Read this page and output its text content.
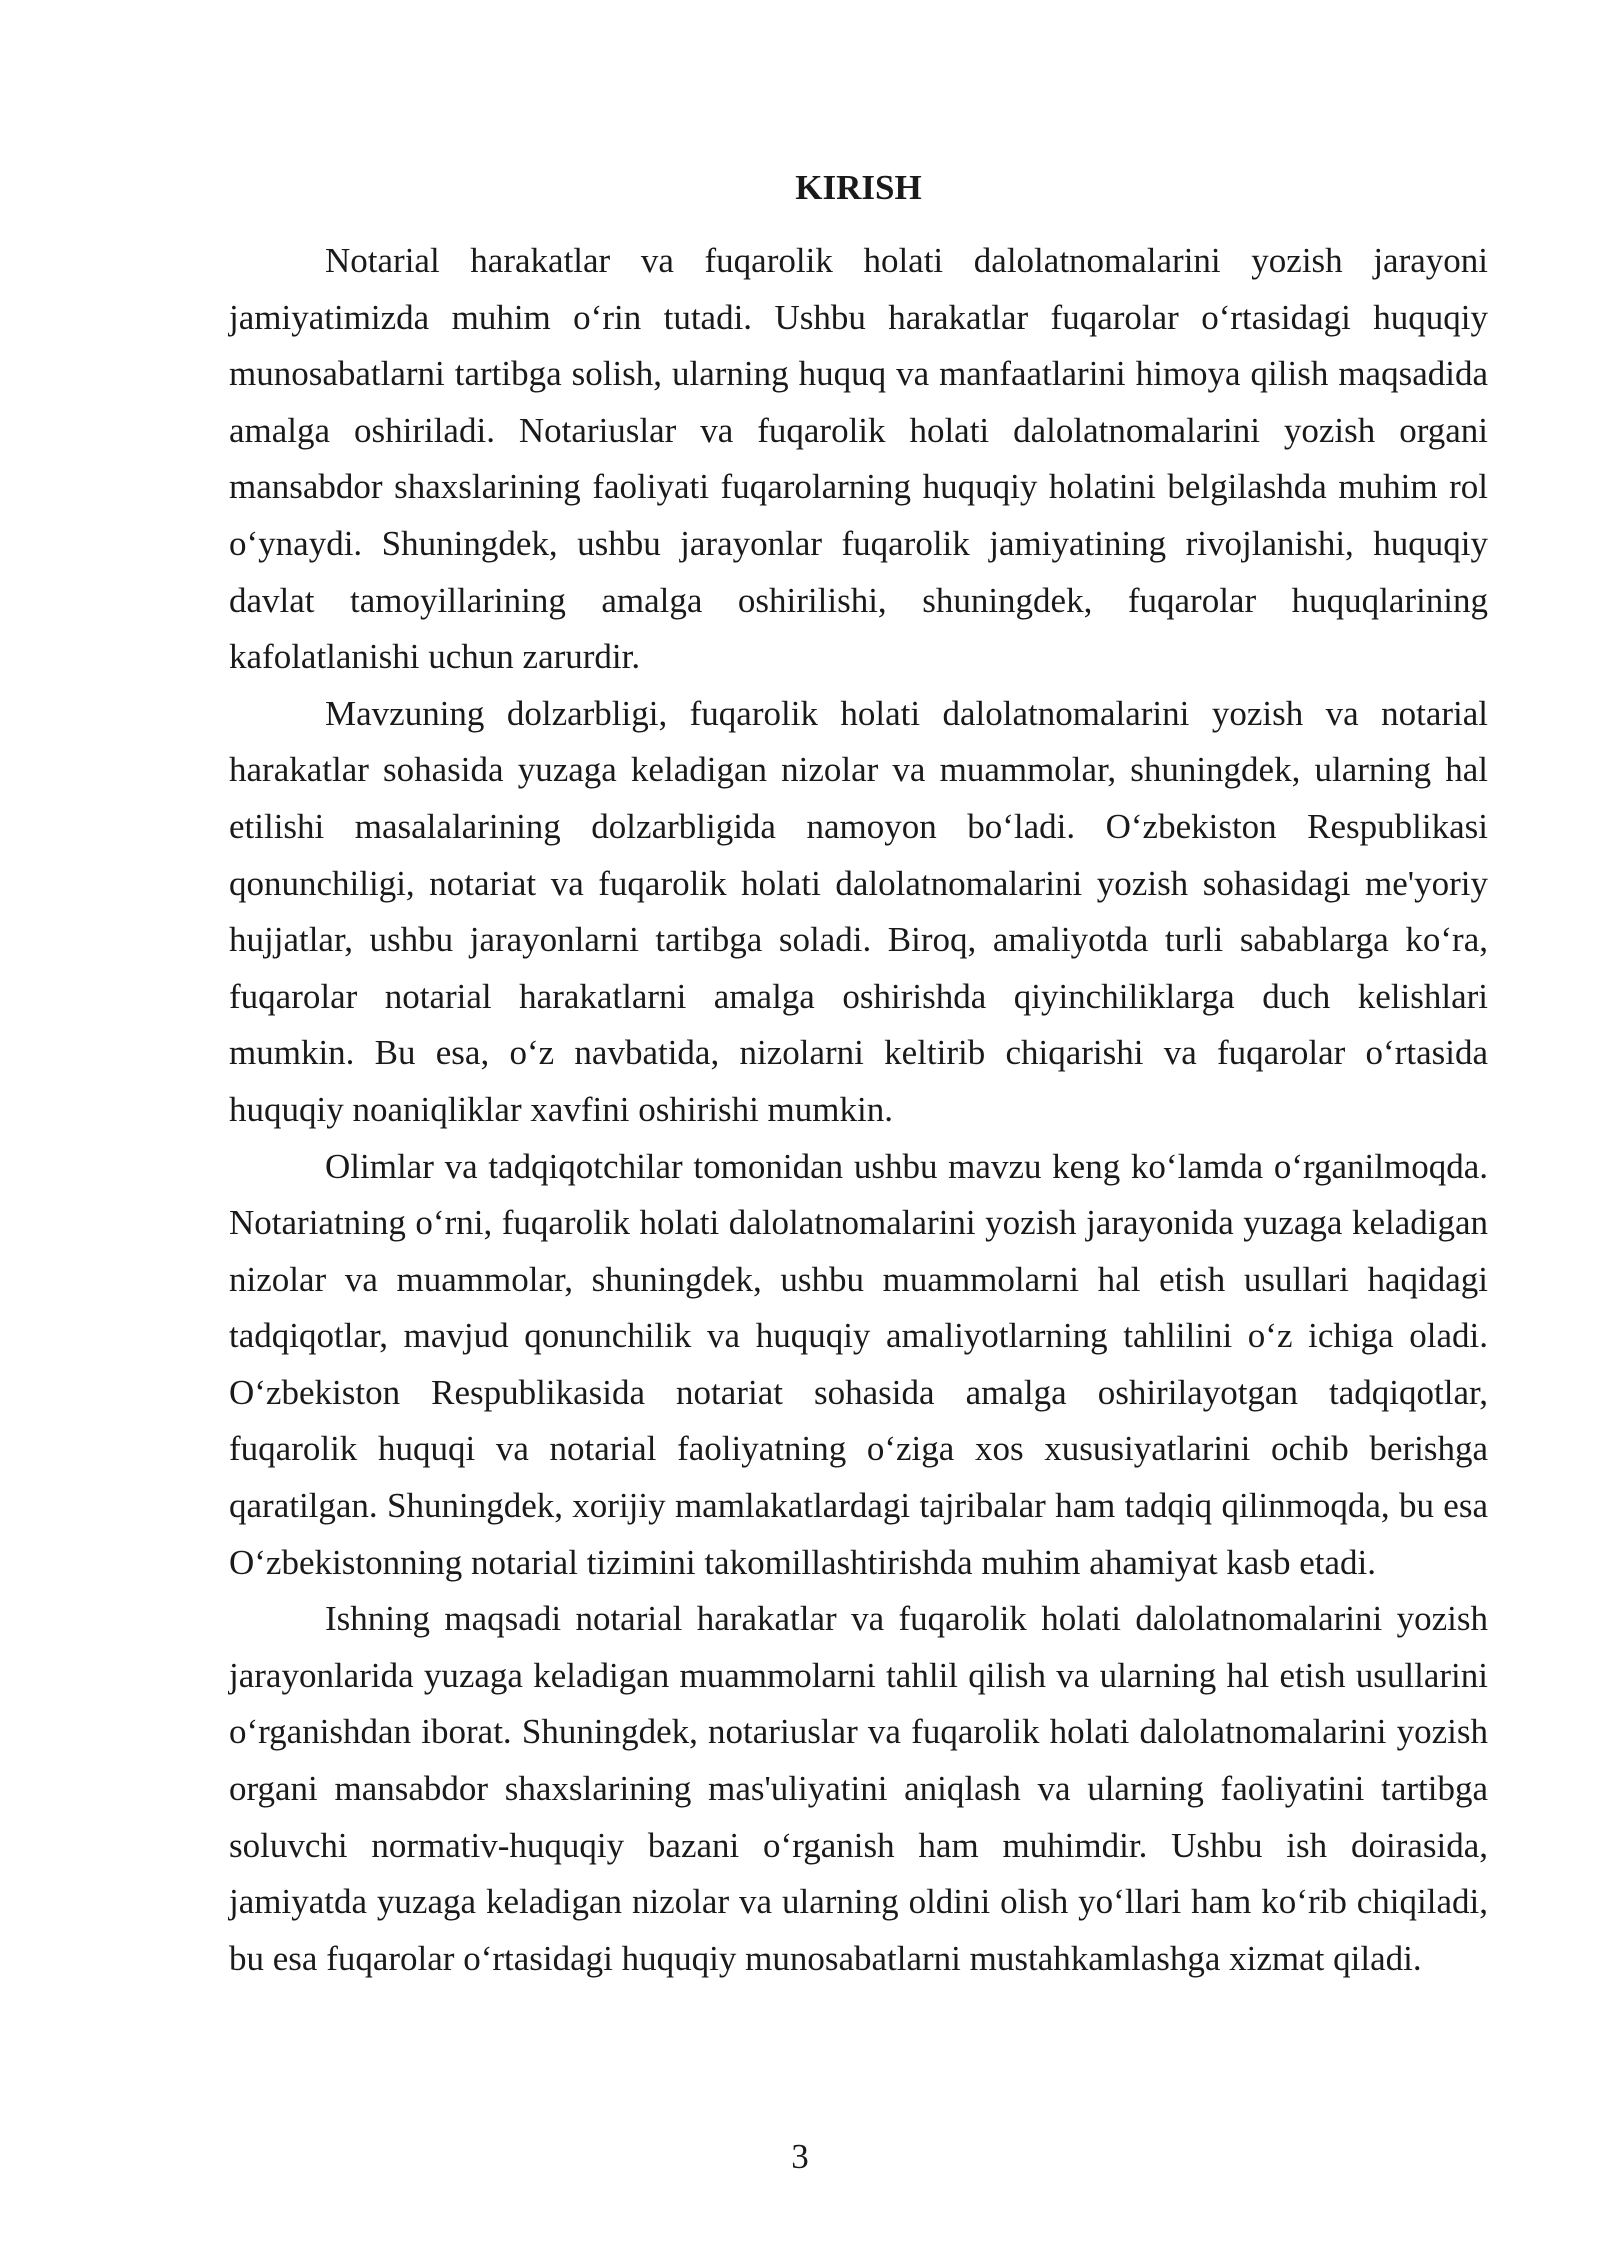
KIRISH

Notarial harakatlar va fuqarolik holati dalolatnomalarini yozish jarayoni jamiyatimizda muhim o‘rin tutadi. Ushbu harakatlar fuqarolar o‘rtasidagi huquqiy munosabatlarni tartibga solish, ularning huquq va manfaatlarini himoya qilish maqsadida amalga oshiriladi. Notariuslar va fuqarolik holati dalolatnomalarini yozish organi mansabdor shaxslarining faoliyati fuqarolarning huquqiy holatini belgilashda muhim rol o‘ynaydi. Shuningdek, ushbu jarayonlar fuqarolik jamiyatining rivojlanishi, huquqiy davlat tamoyillarining amalga oshirilishi, shuningdek, fuqarolar huquqlarining kafolatlanishi uchun zarurdir.

Mavzuning dolzarbligi, fuqarolik holati dalolatnomalarini yozish va notarial harakatlar sohasida yuzaga keladigan nizolar va muammolar, shuningdek, ularning hal etilishi masalalarining dolzarbligida namoyon bo‘ladi. O‘zbekiston Respublikasi qonunchiligi, notariat va fuqarolik holati dalolatnomalarini yozish sohasidagi me'yoriy hujjatlar, ushbu jarayonlarni tartibga soladi. Biroq, amaliyotda turli sabablarga ko‘ra, fuqarolar notarial harakatlarni amalga oshirishda qiyinchiliklarga duch kelishlari mumkin. Bu esa, o‘z navbatida, nizolarni keltirib chiqarishi va fuqarolar o‘rtasida huquqiy noaniqliklar xavfini oshirishi mumkin.

Olimlar va tadqiqotchilar tomonidan ushbu mavzu keng ko‘lamda o‘rganilmoqda. Notariatning o‘rni, fuqarolik holati dalolatnomalarini yozish jarayonida yuzaga keladigan nizolar va muammolar, shuningdek, ushbu muammolarni hal etish usullari haqidagi tadqiqotlar, mavjud qonunchilik va huquqiy amaliyotlarning tahlilini o‘z ichiga oladi. O‘zbekiston Respublikasida notariat sohasida amalga oshirilayotgan tadqiqotlar, fuqarolik huquqi va notarial faoliyatning o‘ziga xos xususiyatlarini ochib berishga qaratilgan. Shuningdek, xorijiy mamlakatlardagi tajribalar ham tadqiq qilinmoqda, bu esa O‘zbekistonning notarial tizimini takomillashtirishda muhim ahamiyat kasb etadi.

Ishning maqsadi notarial harakatlar va fuqarolik holati dalolatnomalarini yozish jarayonlarida yuzaga keladigan muammolarni tahlil qilish va ularning hal etish usullarini o‘rganishdan iborat. Shuningdek, notariuslar va fuqarolik holati dalolatnomalarini yozish organi mansabdor shaxslarining mas'uliyatini aniqlash va ularning faoliyatini tartibga soluvchi normativ-huquqiy bazani o‘rganish ham muhimdir. Ushbu ish doirasida, jamiyatda yuzaga keladigan nizolar va ularning oldini olish yo‘llari ham ko‘rib chiqiladi, bu esa fuqarolar o‘rtasidagi huquqiy munosabatlarni mustahkamlashga xizmat qiladi.

3
